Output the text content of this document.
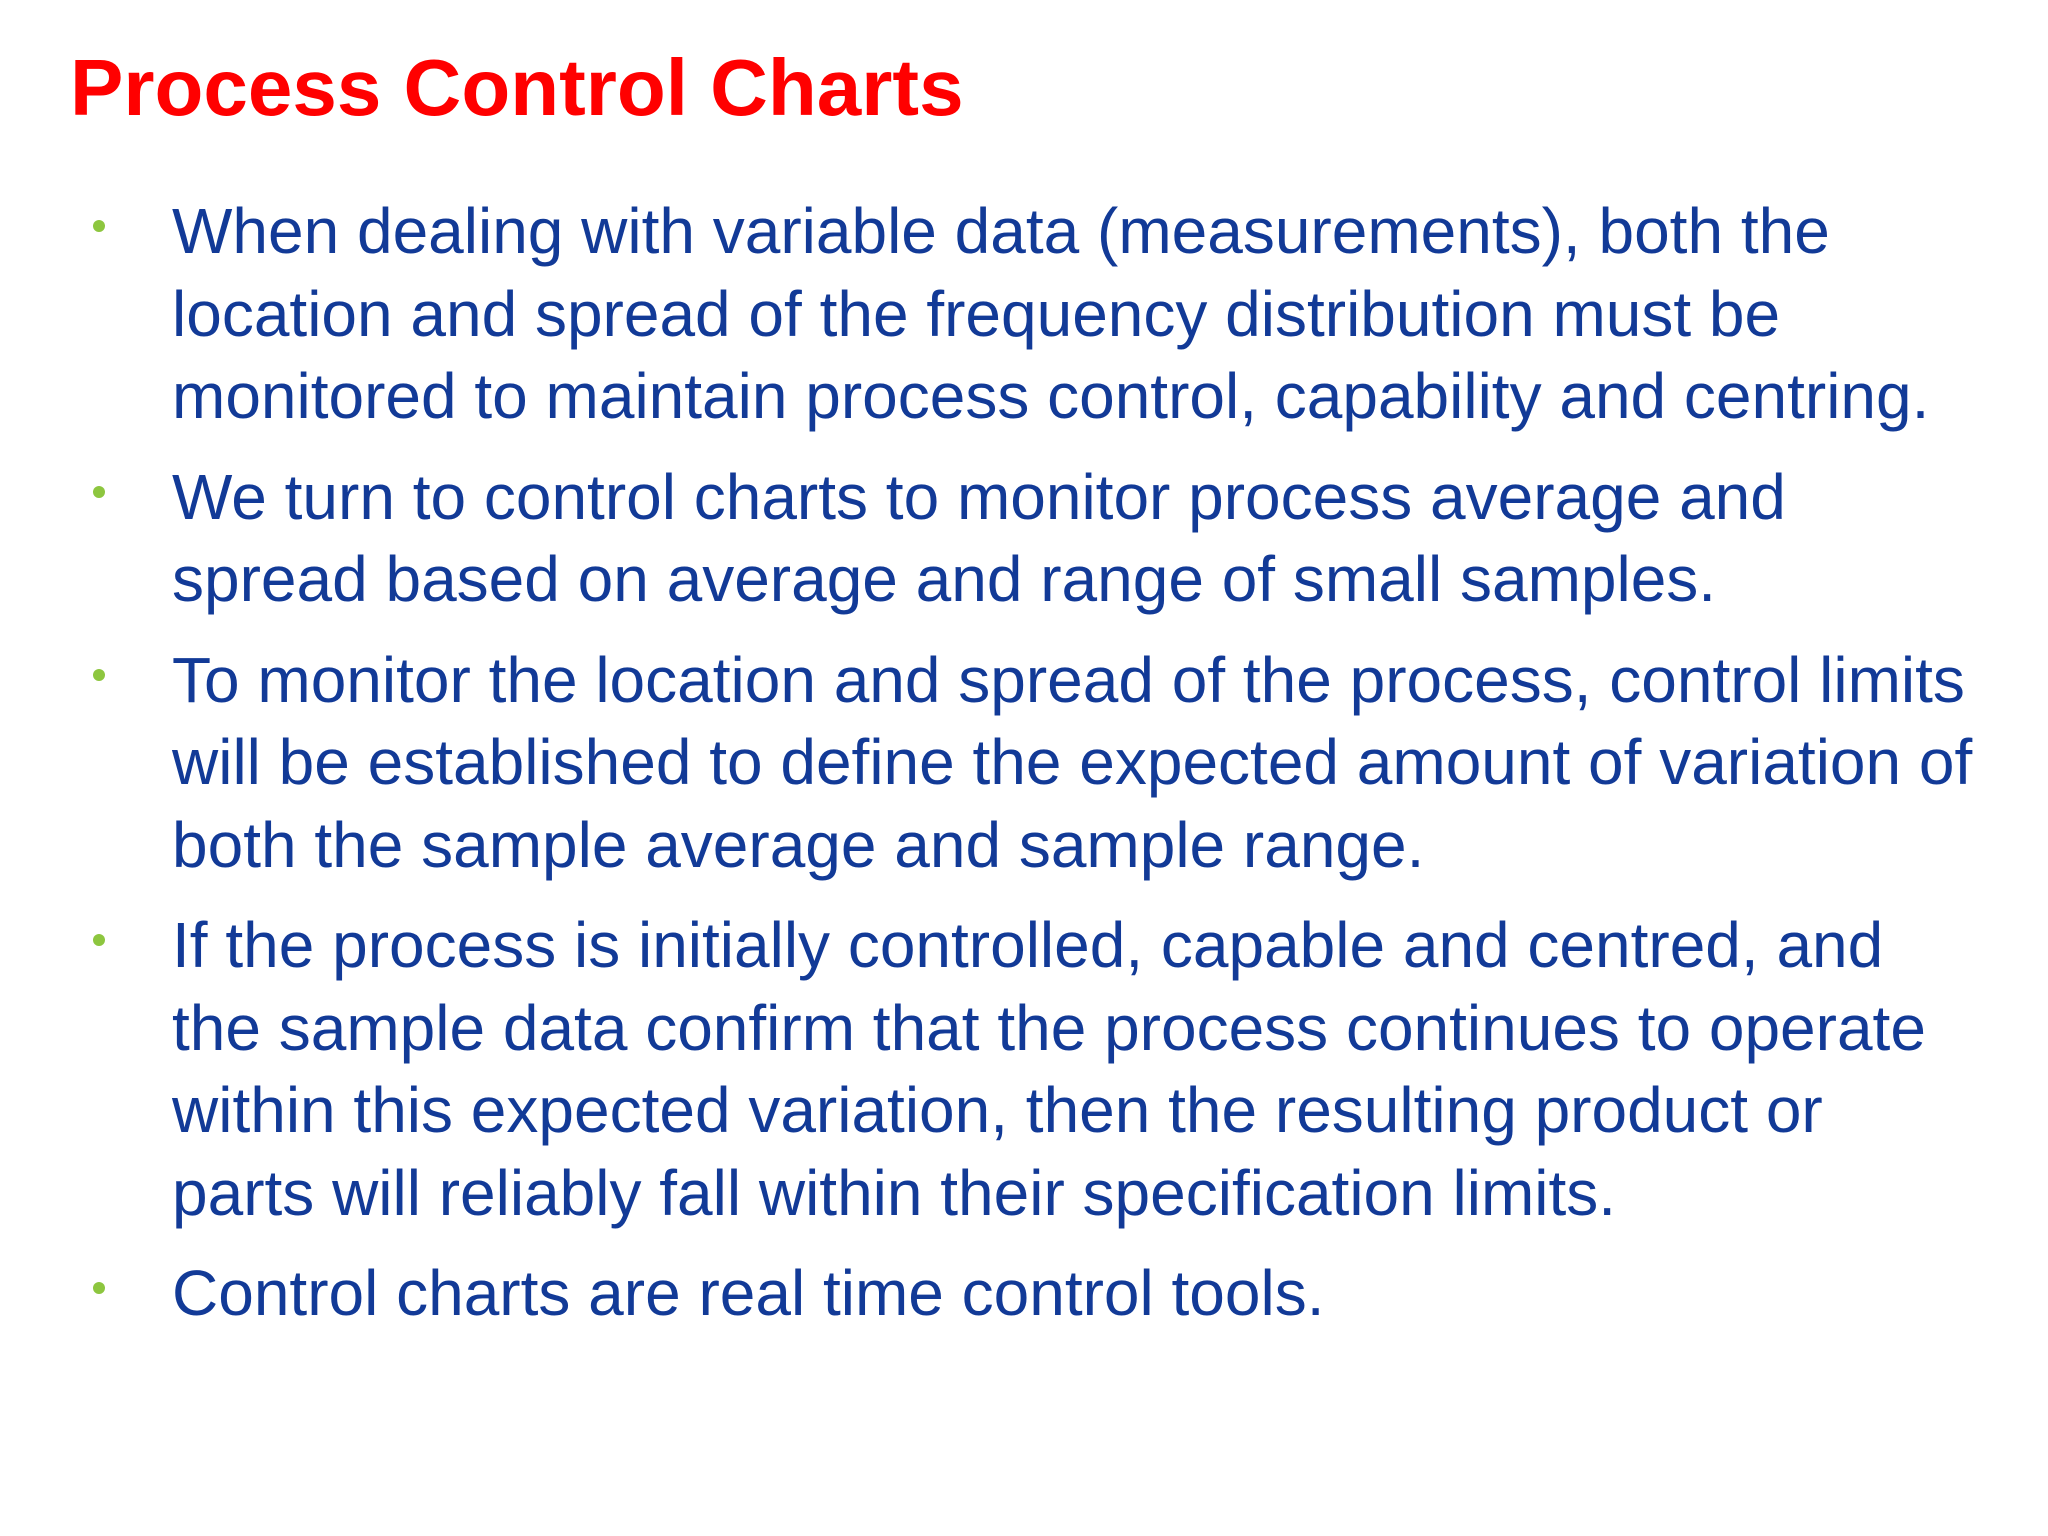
Process Control Charts
When dealing with variable data (measurements), both the location and spread of the frequency distribution must be monitored to maintain process control, capability and centring.
We turn to control charts to monitor process average and spread based on average and range of small samples.
To monitor the location and spread of the process, control limits will be established to define the expected amount of variation of both the sample average and sample range.
If the process is initially controlled, capable and centred, and the sample data confirm that the process continues to operate within this expected variation, then the resulting product or parts will reliably fall within their specification limits.
Control charts are real time control tools.
